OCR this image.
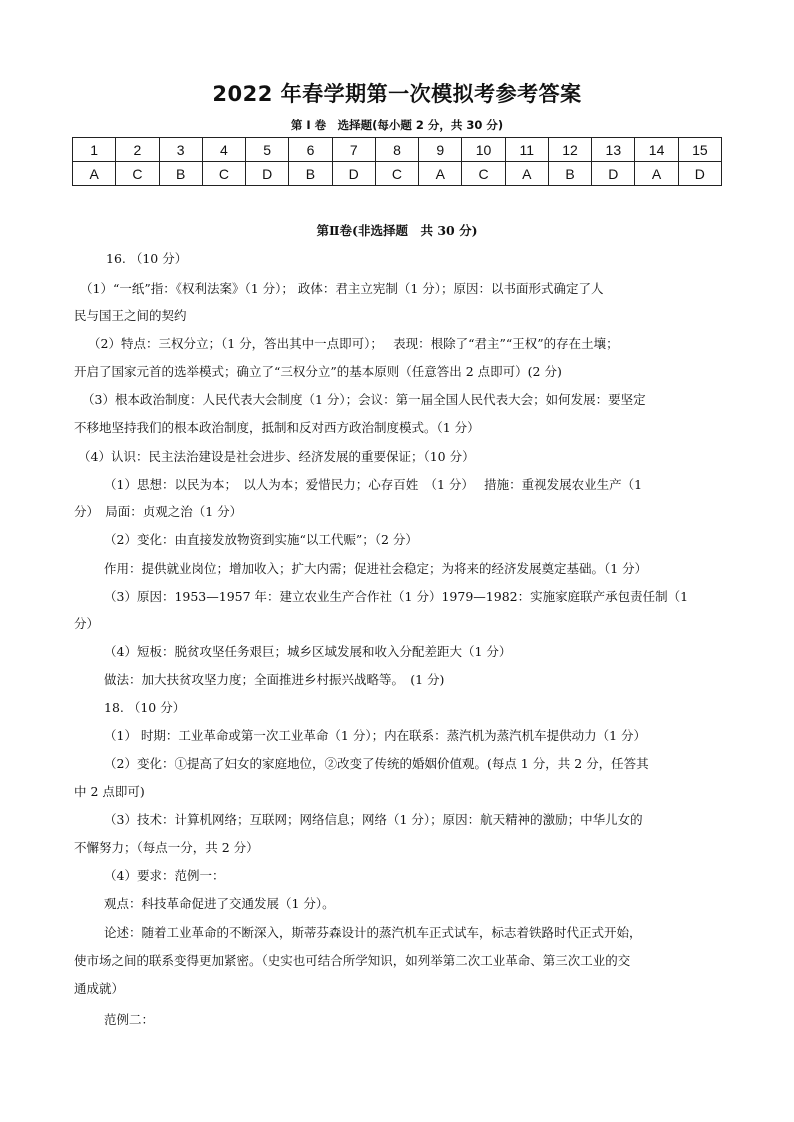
2022 年春学期第一次模拟考参考答案
第 Ⅰ 卷　选择题(每小题 2 分，共 30 分)
1	2	3	4	5	6	7	8	9	10	11	12	13	14	15
A	C	B	C	D	B	D	C	A	C	A	B	D	A	D
第Ⅱ卷(非选择题　共 30 分)
16. （10 分）
（1）“一纸”指：《权利法案》（1 分）； 政体：君主立宪制（1 分）；原因：以书面形式确定了人
民与国王之间的契约
（2）特点：三权分立；（1 分，答出其中一点即可）；　 表现：根除了“君主”“王权”的存在土壤；
开启了国家元首的选举模式；确立了“三权分立”的基本原则（任意答出 2 点即可）(2 分)
（3）根本政治制度：人民代表大会制度（1 分）；会议：第一届全国人民代表大会；如何发展：要坚定
不移地坚持我们的根本政治制度，抵制和反对西方政治制度模式。（1 分）
（4）认识：民主法治建设是社会进步、经济发展的重要保证；（10 分）
（1）思想：以民为本；　以人为本；爱惜民力；心存百姓　（1 分）　 措施：重视发展农业生产（1
分）　局面：贞观之治（1 分）
（2）变化：由直接发放物资到实施“以工代赈”；（2 分）
作用：提供就业岗位；增加收入；扩大内需；促进社会稳定；为将来的经济发展奠定基础。（1 分）
（3）原因：1953—1957 年：建立农业生产合作社（1 分）1979—1982：实施家庭联产承包责任制（1
分）
（4）短板：脱贫攻坚任务艰巨；城乡区域发展和收入分配差距大（1 分）
做法：加大扶贫攻坚力度；全面推进乡村振兴战略等。　(1 分)
18. （10 分）
（1） 时期：工业革命或第一次工业革命（1 分）；内在联系：蒸汽机为蒸汽机车提供动力（1 分）
（2）变化：①提高了妇女的家庭地位，②改变了传统的婚姻价值观。(每点 1 分，共 2 分，任答其
中 2 点即可)
（3）技术：计算机网络；互联网；网络信息；网络（1 分）；原因：航天精神的激励；中华儿女的
不懈努力；（每点一分，共 2 分）
（4）要求：范例一：
观点：科技革命促进了交通发展（1 分）。
论述：随着工业革命的不断深入，斯蒂芬森设计的蒸汽机车正式试车，标志着铁路时代正式开始，
使市场之间的联系变得更加紧密。（史实也可结合所学知识，如列举第二次工业革命、第三次工业的交
通成就）
范例二：
